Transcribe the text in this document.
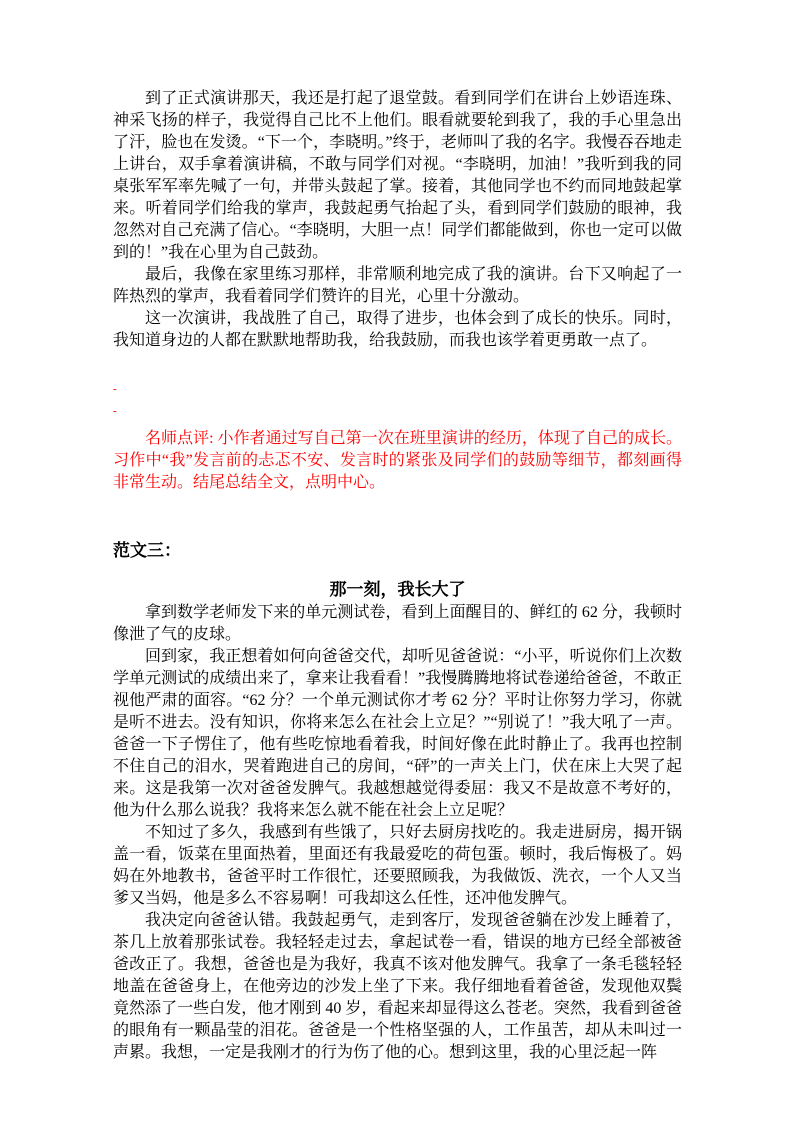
到了正式演讲那天，我还是打起了退堂鼓。看到同学们在讲台上妙语连珠、神采飞扬的样子，我觉得自己比不上他们。眼看就要轮到我了，我的手心里急出了汗，脸也在发烫。“下一个，李晓明。”终于，老师叫了我的名字。我慢吞吞地走上讲台，双手拿着演讲稿，不敢与同学们对视。“李晓明，加油！”我听到我的同桌张军军率先喊了一句，并带头鼓起了掌。接着，其他同学也不约而同地鼓起掌来。听着同学们给我的掌声，我鼓起勇气抬起了头，看到同学们鼓励的眼神，我忽然对自己充满了信心。“李晓明，大胆一点！同学们都能做到，你也一定可以做到的！”我在心里为自己鼓劲。

最后，我像在家里练习那样，非常顺利地完成了我的演讲。台下又响起了一阵热烈的掌声，我看着同学们赞许的目光，心里十分激动。

这一次演讲，我战胜了自己，取得了进步，也体会到了成长的快乐。同时，我知道身边的人都在默默地帮助我，给我鼓励，而我也该学着更勇敢一点了。

-
-

名师点评: 小作者通过写自己第一次在班里演讲的经历，体现了自己的成长。习作中“我”发言前的忐忑不安、发言时的紧张及同学们的鼓励等细节，都刻画得非常生动。结尾总结全文，点明中心。

范文三：

那一刻，我长大了

拿到数学老师发下来的单元测试卷，看到上面醒目的、鲜红的 62 分，我顿时像泄了气的皮球。

回到家，我正想着如何向爸爸交代，却听见爸爸说：“小平，听说你们上次数学单元测试的成绩出来了，拿来让我看看！”我慢腾腾地将试卷递给爸爸，不敢正视他严肃的面容。“62 分？一个单元测试你才考 62 分？平时让你努力学习，你就是听不进去。没有知识，你将来怎么在社会上立足？”“别说了！”我大吼了一声。爸爸一下子愣住了，他有些吃惊地看着我，时间好像在此时静止了。我再也控制不住自己的泪水，哭着跑进自己的房间，“砰”的一声关上门，伏在床上大哭了起来。这是我第一次对爸爸发脾气。我越想越觉得委屈：我又不是故意不考好的，他为什么那么说我？我将来怎么就不能在社会上立足呢？

不知过了多久，我感到有些饿了，只好去厨房找吃的。我走进厨房，揭开锅盖一看，饭菜在里面热着，里面还有我最爱吃的荷包蛋。顿时，我后悔极了。妈妈在外地教书，爸爸平时工作很忙，还要照顾我，为我做饭、洗衣，一个人又当爹又当妈，他是多么不容易啊！可我却这么任性，还冲他发脾气。

我决定向爸爸认错。我鼓起勇气，走到客厅，发现爸爸躺在沙发上睡着了，茶几上放着那张试卷。我轻轻走过去，拿起试卷一看，错误的地方已经全部被爸爸改正了。我想，爸爸也是为我好，我真不该对他发脾气。我拿了一条毛毯轻轻地盖在爸爸身上，在他旁边的沙发上坐了下来。我仔细地看着爸爸，发现他双鬓竟然添了一些白发，他才刚到 40 岁，看起来却显得这么苍老。突然，我看到爸爸的眼角有一颗晶莹的泪花。爸爸是一个性格坚强的人，工作虽苦，却从未叫过一声累。我想，一定是我刚才的行为伤了他的心。想到这里，我的心里泛起一阵
